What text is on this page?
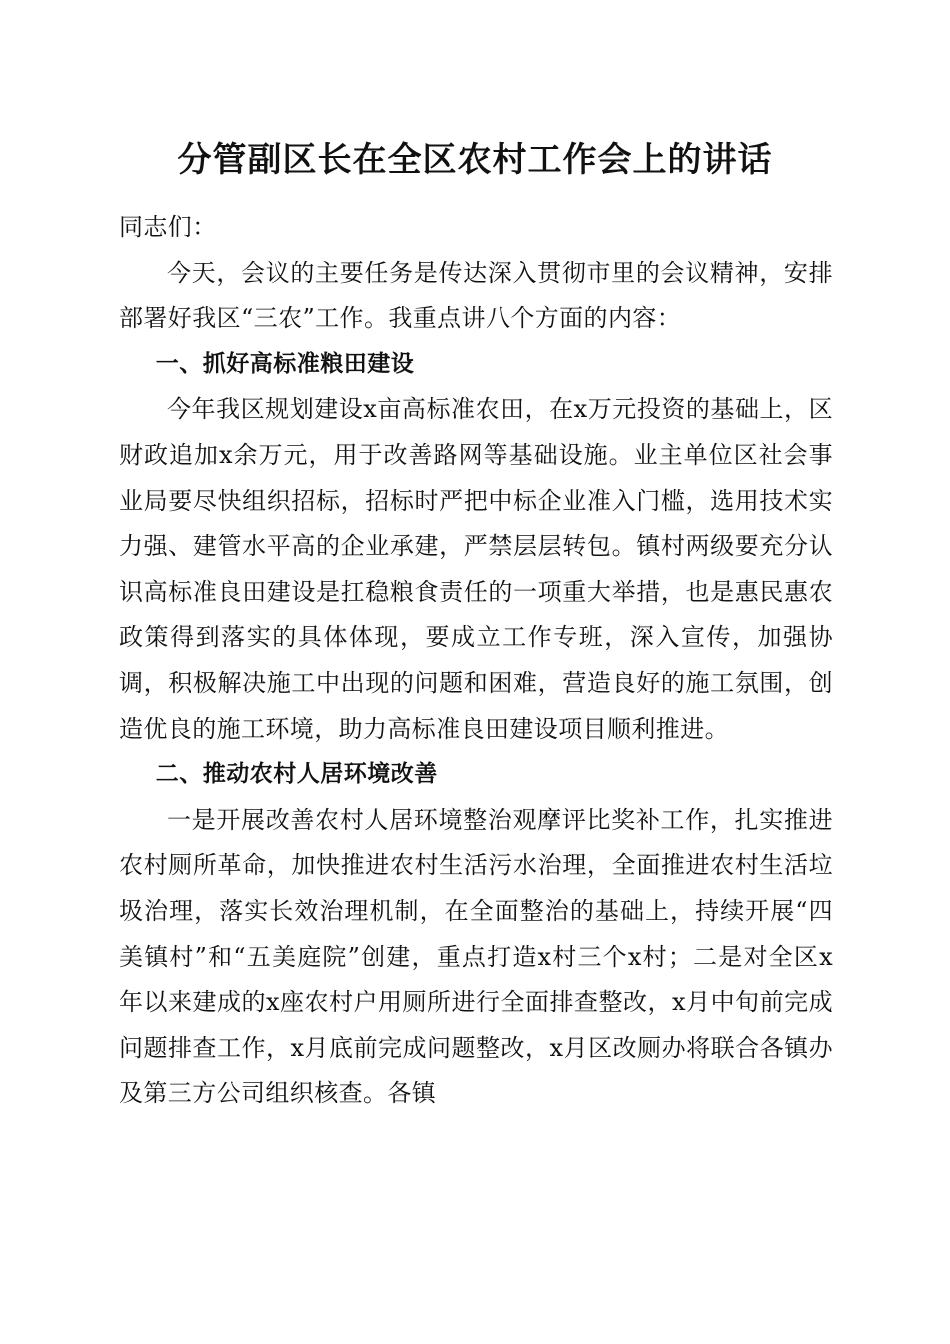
分管副区长在全区农村工作会上的讲话

同志们：

今天，会议的主要任务是传达深入贯彻市里的会议精神，安排部署好我区“三农”工作。我重点讲八个方面的内容：

一、抓好高标准粮田建设

今年我区规划建设x亩高标准农田，在x万元投资的基础上，区财政追加x余万元，用于改善路网等基础设施。业主单位区社会事业局要尽快组织招标，招标时严把中标企业准入门槛，选用技术实力强、建管水平高的企业承建，严禁层层转包。镇村两级要充分认识高标准良田建设是扛稳粮食责任的一项重大举措，也是惠民惠农政策得到落实的具体体现，要成立工作专班，深入宣传，加强协调，积极解决施工中出现的问题和困难，营造良好的施工氛围，创造优良的施工环境，助力高标准良田建设项目顺利推进。

二、推动农村人居环境改善

一是开展改善农村人居环境整治观摩评比奖补工作，扎实推进农村厕所革命，加快推进农村生活污水治理，全面推进农村生活垃圾治理，落实长效治理机制，在全面整治的基础上，持续开展“四美镇村”和“五美庭院”创建，重点打造x村三个x村；二是对全区x年以来建成的x座农村户用厕所进行全面排查整改，x月中旬前完成问题排查工作，x月底前完成问题整改，x月区改厕办将联合各镇办及第三方公司组织核查。各镇
